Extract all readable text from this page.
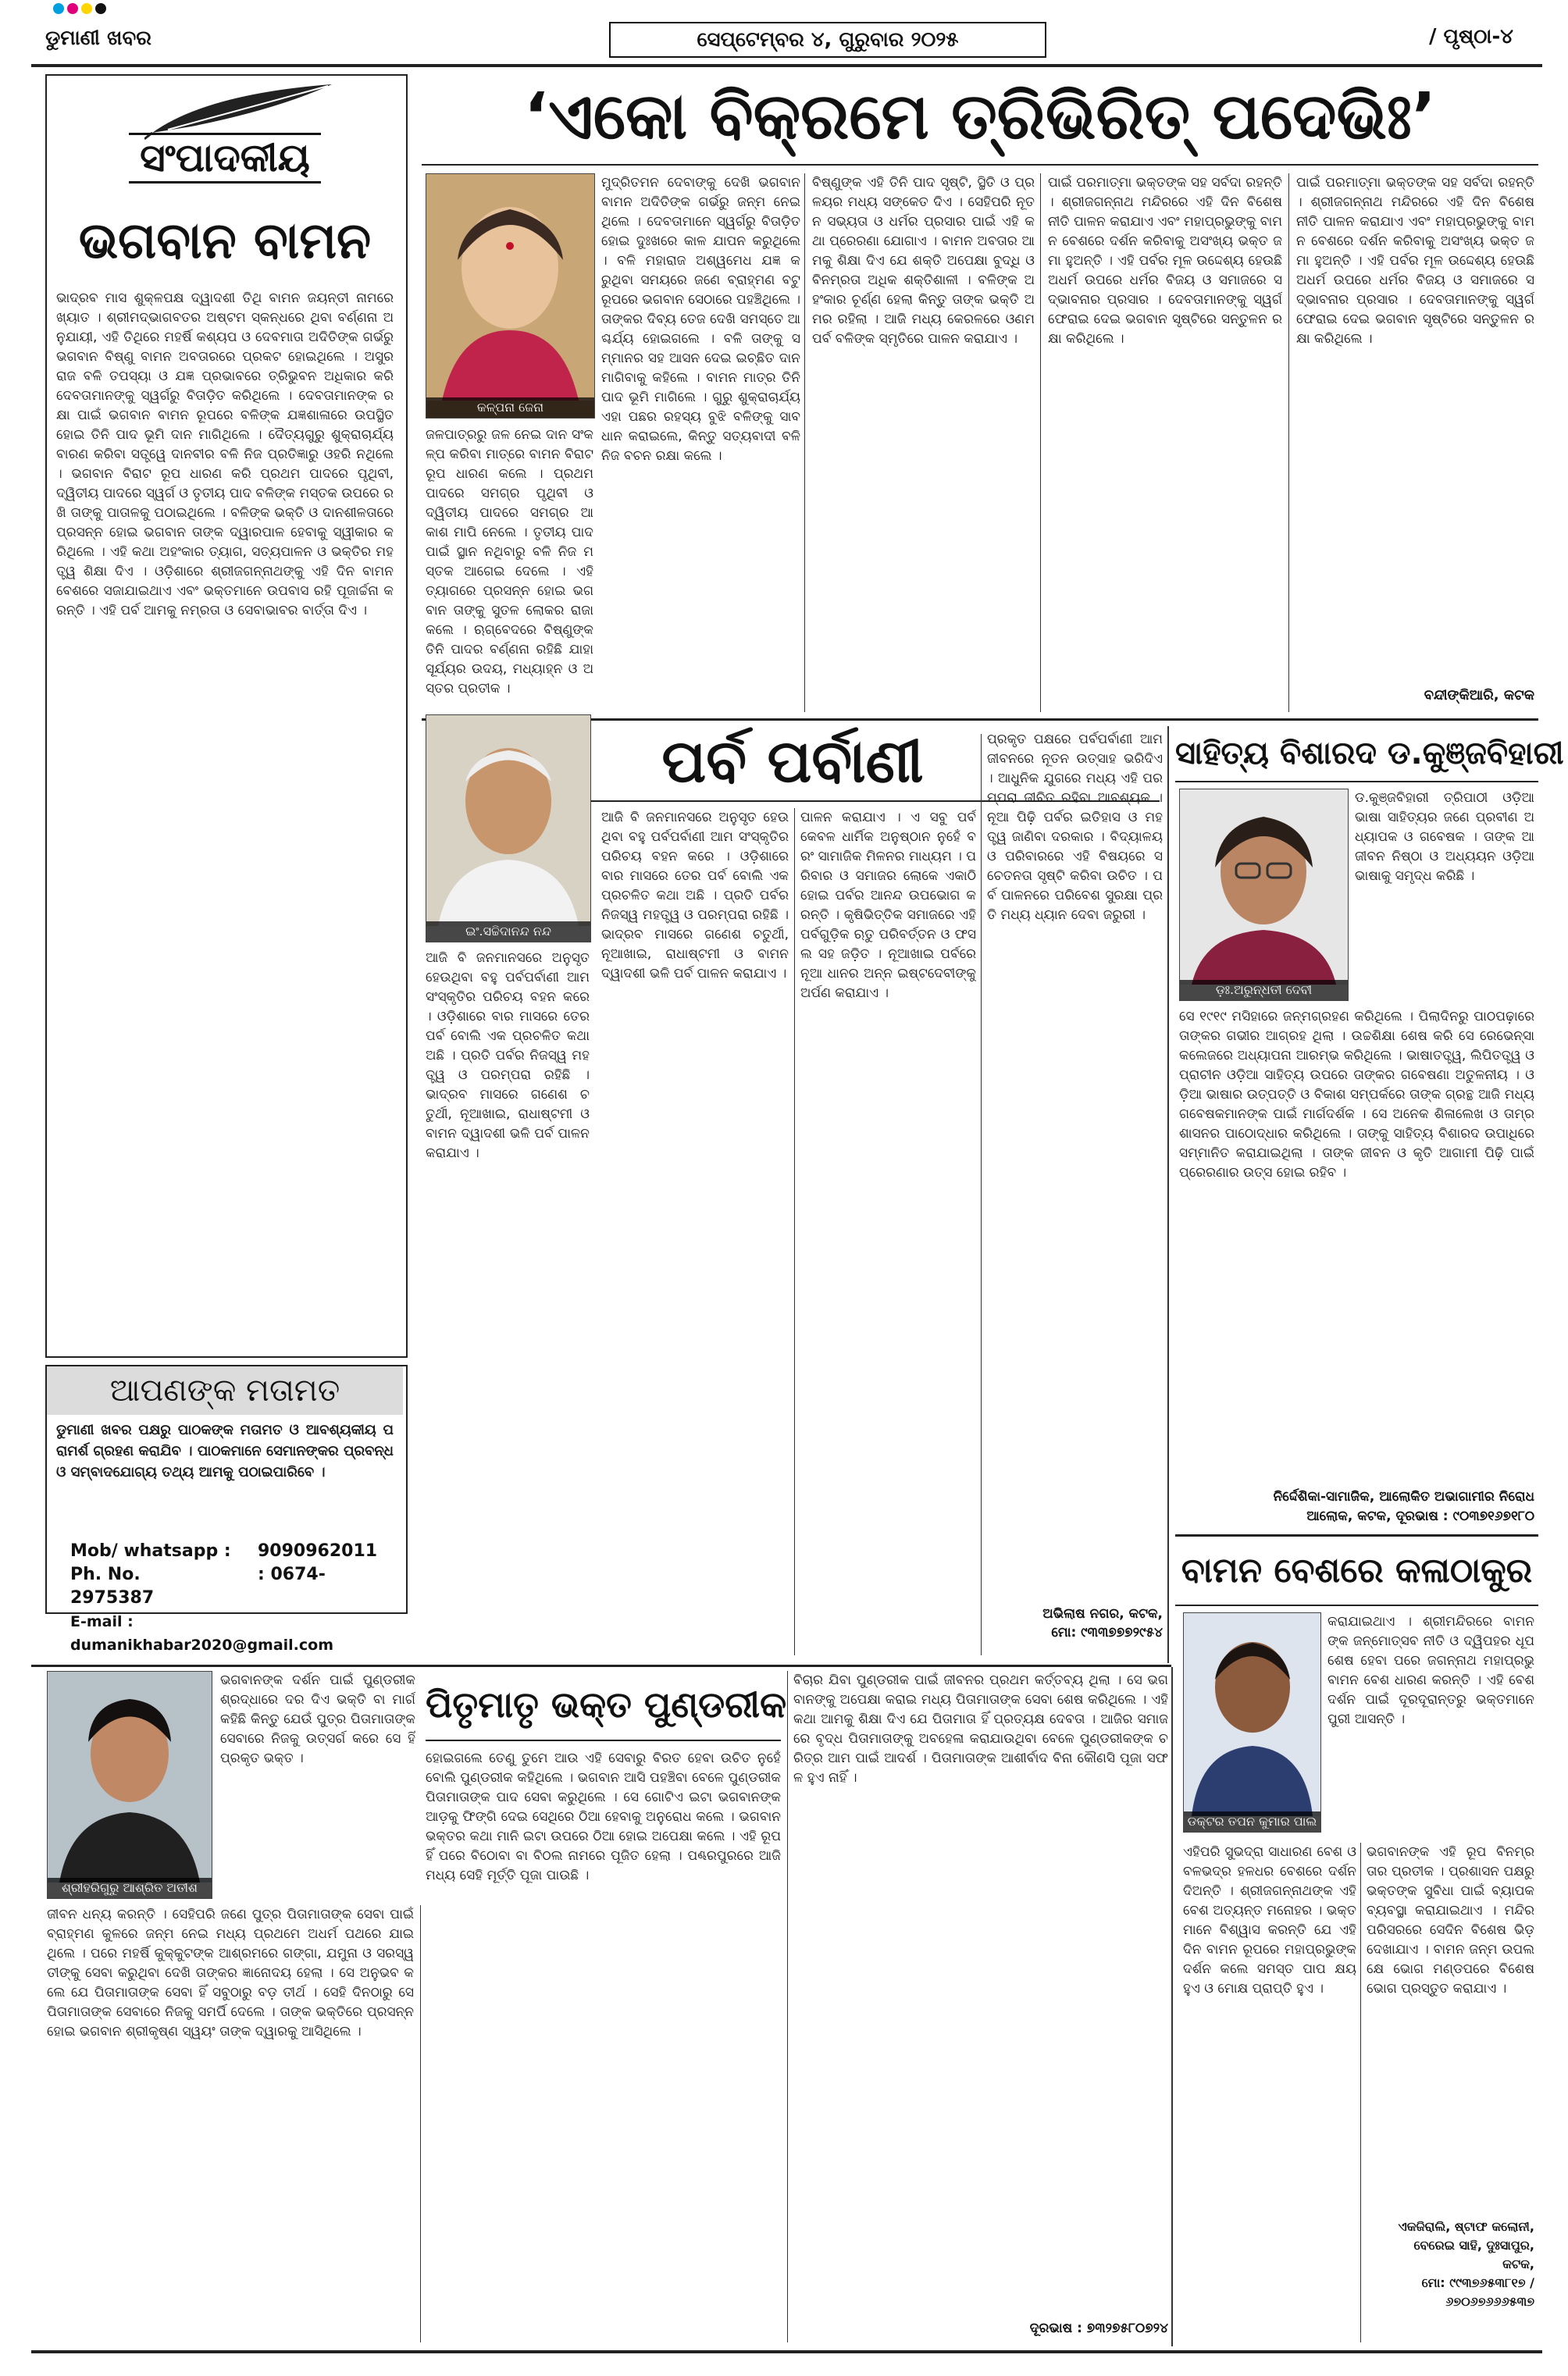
ଡୁମାଣୀ ଖବର	ସେପ୍ଟେମ୍ବର ୪, ଗୁରୁବାର ୨୦୨୫	/ ପୃଷ୍ଠା-୪
ସଂପାଦକୀୟ
ଭଗବାନ ବାମନ
ଭାଦ୍ରବ ମାସ ଶୁକ୍ଳପକ୍ଷ ଦ୍ୱାଦଶୀ ତିଥି ବାମନ ଜୟନ୍ତୀ ନାମରେ ଖ୍ୟାତ । ଶ୍ରୀମଦ୍ଭାଗବତର ଅଷ୍ଟମ ସ୍କନ୍ଧରେ ଥିବା ବର୍ଣ୍ଣନା ଅନୁଯାୟୀ, ଏହି ତିଥିରେ ମହର୍ଷି କଶ୍ୟପ ଓ ଦେବମାତା ଅଦିତିଙ୍କ ଗର୍ଭରୁ ଭଗବାନ ବିଷ୍ଣୁ ବାମନ ଅବତାରରେ ପ୍ରକଟ ହୋଇଥିଲେ । ଅସୁରରାଜ ବଳି ତପସ୍ୟା ଓ ଯଜ୍ଞ ପ୍ରଭାବରେ ତ୍ରିଭୁବନ ଅଧିକାର କରି ଦେବତାମାନଙ୍କୁ ସ୍ୱର୍ଗରୁ ବିତାଡ଼ିତ କରିଥିଲେ । ଦେବତାମାନଙ୍କ ରକ୍ଷା ପାଇଁ ଭଗବାନ ବାମନ ରୂପରେ ବଳିଙ୍କ ଯଜ୍ଞଶାଳାରେ ଉପସ୍ଥିତ ହୋଇ ତିନି ପାଦ ଭୂମି ଦାନ ମାଗିଥିଲେ । ଦୈତ୍ୟଗୁରୁ ଶୁକ୍ରାଚାର୍ଯ୍ୟ ବାରଣ କରିବା ସତ୍ତ୍ୱେ ଦାନବୀର ବଳି ନିଜ ପ୍ରତିଜ୍ଞାରୁ ଓହରି ନଥିଲେ । ଭଗବାନ ବିରାଟ ରୂପ ଧାରଣ କରି ପ୍ରଥମ ପାଦରେ ପୃଥିବୀ, ଦ୍ୱିତୀୟ ପାଦରେ ସ୍ୱର୍ଗ ଓ ତୃତୀୟ ପାଦ ବଳିଙ୍କ ମସ୍ତକ ଉପରେ ରଖି ତାଙ୍କୁ ପାତାଳକୁ ପଠାଇଥିଲେ । ବଳିଙ୍କ ଭକ୍ତି ଓ ଦାନଶୀଳତାରେ ପ୍ରସନ୍ନ ହୋଇ ଭଗବାନ ତାଙ୍କ ଦ୍ୱାରପାଳ ହେବାକୁ ସ୍ୱୀକାର କରିଥିଲେ । ଏହି କଥା ଅହଂକାର ତ୍ୟାଗ, ସତ୍ୟପାଳନ ଓ ଭକ୍ତିର ମହତ୍ତ୍ୱ ଶିକ୍ଷା ଦିଏ । ଓଡ଼ିଶାରେ ଶ୍ରୀଜଗନ୍ନାଥଙ୍କୁ ଏହି ଦିନ ବାମନ ବେଶରେ ସଜାଯାଇଥାଏ ଏବଂ ଭକ୍ତମାନେ ଉପବାସ ରହି ପୂଜାର୍ଚ୍ଚନା କରନ୍ତି । ଏହି ପର୍ବ ଆମକୁ ନମ୍ରତା ଓ ସେବାଭାବର ବାର୍ତ୍ତା ଦିଏ ।
ଆପଣଙ୍କ ମତାମତ
ଡୁମାଣୀ ଖବର ପକ୍ଷରୁ ପାଠକଙ୍କ ମତାମତ ଓ ଆବଶ୍ୟକୀୟ ପରାମର୍ଶ ଗ୍ରହଣ କରାଯିବ । ପାଠକମାନେ ସେମାନଙ୍କର ପ୍ରବନ୍ଧ ଓ ସମ୍ବାଦଯୋଗ୍ୟ ତଥ୍ୟ ଆମକୁ ପଠାଇପାରିବେ ।
Mob/ whatsapp : 9090962011
Ph. No.	: 0674-2975387
E-mail : dumanikhabar2020@gmail.com
‘ଏକୋ ବିକ୍ରମେ ତ୍ରିଭିରିତ୍ ପଦେଭିଃ’
କଳ୍ପନା ଜେନା
ମୁଦ୍ରିତମନ ଦେବାଙ୍କୁ ଦେଖି ଭଗବାନ ବାମନ ଅଦିତିଙ୍କ ଗର୍ଭରୁ ଜନ୍ମ ନେଇଥିଲେ । ଦେବତାମାନେ ସ୍ୱର୍ଗରୁ ବିତାଡ଼ିତ ହୋଇ ଦୁଃଖରେ କାଳ ଯାପନ କରୁଥିଲେ । ବଳି ମହାରାଜ ଅଶ୍ୱମେଧ ଯଜ୍ଞ କରୁଥିବା ସମୟରେ ଜଣେ ବ୍ରାହ୍ମଣ ବଟୁ ରୂପରେ ଭଗବାନ ସେଠାରେ ପହଞ୍ଚିଥିଲେ । ତାଙ୍କର ଦିବ୍ୟ ତେଜ ଦେଖି ସମସ୍ତେ ଆଶ୍ଚର୍ଯ୍ୟ ହୋଇଗଲେ । ବଳି ତାଙ୍କୁ ସମ୍ମାନର ସହ ଆସନ ଦେଇ ଇଚ୍ଛିତ ଦାନ ମାଗିବାକୁ କହିଲେ । ବାମନ ମାତ୍ର ତିନି ପାଦ ଭୂମି ମାଗିଲେ । ଗୁରୁ ଶୁକ୍ରାଚାର୍ଯ୍ୟ ଏହା ପଛର ରହସ୍ୟ ବୁଝି ବଳିଙ୍କୁ ସାବଧାନ କରାଇଲେ, କିନ୍ତୁ ସତ୍ୟବାଦୀ ବଳି ନିଜ ବଚନ ରକ୍ଷା କଲେ ।
ଜଳପାତ୍ରରୁ ଜଳ ନେଇ ଦାନ ସଂକଳ୍ପ କରିବା ମାତ୍ରେ ବାମନ ବିରାଟ ରୂପ ଧାରଣ କଲେ । ପ୍ରଥମ ପାଦରେ ସମଗ୍ର ପୃଥିବୀ ଓ ଦ୍ୱିତୀୟ ପାଦରେ ସମଗ୍ର ଆକାଶ ମାପି ନେଲେ । ତୃତୀୟ ପାଦ ପାଇଁ ସ୍ଥାନ ନଥିବାରୁ ବଳି ନିଜ ମସ୍ତକ ଆଗେଇ ଦେଲେ । ଏହି ତ୍ୟାଗରେ ପ୍ରସନ୍ନ ହୋଇ ଭଗବାନ ତାଙ୍କୁ ସୁତଳ ଲୋକର ରାଜା କଲେ । ଋଗ୍ବେଦରେ ବିଷ୍ଣୁଙ୍କ ତିନି ପାଦର ବର୍ଣ୍ଣନା ରହିଛି ଯାହା ସୂର୍ଯ୍ୟର ଉଦୟ, ମଧ୍ୟାହ୍ନ ଓ ଅସ୍ତର ପ୍ରତୀକ ।
ବିଷ୍ଣୁଙ୍କ ଏହି ତିନି ପାଦ ସୃଷ୍ଟି, ସ୍ଥିତି ଓ ପ୍ରଳୟର ମଧ୍ୟ ସଙ୍କେତ ଦିଏ । ସେହିପରି ନୂତନ ସଭ୍ୟତା ଓ ଧର୍ମର ପ୍ରସାର ପାଇଁ ଏହି କଥା ପ୍ରେରଣା ଯୋଗାଏ । ବାମନ ଅବତାର ଆମକୁ ଶିକ୍ଷା ଦିଏ ଯେ ଶକ୍ତି ଅପେକ୍ଷା ବୁଦ୍ଧି ଓ ବିନମ୍ରତା ଅଧିକ ଶକ୍ତିଶାଳୀ । ବଳିଙ୍କ ଅହଂକାର ଚୂର୍ଣ୍ଣ ହେଲା କିନ୍ତୁ ତାଙ୍କ ଭକ୍ତି ଅମର ରହିଲା । ଆଜି ମଧ୍ୟ କେରଳରେ ଓଣମ ପର୍ବ ବଳିଙ୍କ ସ୍ମୃତିରେ ପାଳନ କରାଯାଏ ।
ପାଇଁ ପରମାତ୍ମା ଭକ୍ତଙ୍କ ସହ ସର୍ବଦା ରହନ୍ତି । ଶ୍ରୀଜଗନ୍ନାଥ ମନ୍ଦିରରେ ଏହି ଦିନ ବିଶେଷ ନୀତି ପାଳନ କରାଯାଏ ଏବଂ ମହାପ୍ରଭୁଙ୍କୁ ବାମନ ବେଶରେ ଦର୍ଶନ କରିବାକୁ ଅସଂଖ୍ୟ ଭକ୍ତ ଜମା ହୁଅନ୍ତି । ଏହି ପର୍ବର ମୂଳ ଉଦ୍ଦେଶ୍ୟ ହେଉଛି ଅଧର୍ମ ଉପରେ ଧର୍ମର ବିଜୟ ଓ ସମାଜରେ ସଦ୍ଭାବନାର ପ୍ରସାର । ଦେବତାମାନଙ୍କୁ ସ୍ୱର୍ଗ ଫେରାଇ ଦେଇ ଭଗବାନ ସୃଷ୍ଟିରେ ସନ୍ତୁଳନ ରକ୍ଷା କରିଥିଲେ ।
ପାଇଁ ପରମାତ୍ମା ଭକ୍ତଙ୍କ ସହ ସର୍ବଦା ରହନ୍ତି । ଶ୍ରୀଜଗନ୍ନାଥ ମନ୍ଦିରରେ ଏହି ଦିନ ବିଶେଷ ନୀତି ପାଳନ କରାଯାଏ ଏବଂ ମହାପ୍ରଭୁଙ୍କୁ ବାମନ ବେଶରେ ଦର୍ଶନ କରିବାକୁ ଅସଂଖ୍ୟ ଭକ୍ତ ଜମା ହୁଅନ୍ତି । ଏହି ପର୍ବର ମୂଳ ଉଦ୍ଦେଶ୍ୟ ହେଉଛି ଅଧର୍ମ ଉପରେ ଧର୍ମର ବିଜୟ ଓ ସମାଜରେ ସଦ୍ଭାବନାର ପ୍ରସାର । ଦେବତାମାନଙ୍କୁ ସ୍ୱର୍ଗ ଫେରାଇ ଦେଇ ଭଗବାନ ସୃଷ୍ଟିରେ ସନ୍ତୁଳନ ରକ୍ଷା କରିଥିଲେ ।
ବନ୍ଦୀଙ୍କିଆରି, କଟକ
ପର୍ବ ପର୍ବାଣୀ
ଇଂ.ସଚ୍ଚିଦାନନ୍ଦ ନନ୍ଦ
ଆଜି ବି ଜନମାନସରେ ଅନୁସୃତ ହେଉଥିବା ବହୁ ପର୍ବପର୍ବାଣୀ ଆମ ସଂସ୍କୃତିର ପରିଚୟ ବହନ କରେ । ଓଡ଼ିଶାରେ ବାର ମାସରେ ତେର ପର୍ବ ବୋଲି ଏକ ପ୍ରଚଳିତ କଥା ଅଛି । ପ୍ରତି ପର୍ବର ନିଜସ୍ୱ ମହତ୍ତ୍ୱ ଓ ପରମ୍ପରା ରହିଛି । ଭାଦ୍ରବ ମାସରେ ଗଣେଶ ଚତୁର୍ଥୀ, ନୂଆଖାଇ, ରାଧାଷ୍ଟମୀ ଓ ବାମନ ଦ୍ୱାଦଶୀ ଭଳି ପର୍ବ ପାଳନ କରାଯାଏ ।
ଆଜି ବି ଜନମାନସରେ ଅନୁସୃତ ହେଉଥିବା ବହୁ ପର୍ବପର୍ବାଣୀ ଆମ ସଂସ୍କୃତିର ପରିଚୟ ବହନ କରେ । ଓଡ଼ିଶାରେ ବାର ମାସରେ ତେର ପର୍ବ ବୋଲି ଏକ ପ୍ରଚଳିତ କଥା ଅଛି । ପ୍ରତି ପର୍ବର ନିଜସ୍ୱ ମହତ୍ତ୍ୱ ଓ ପରମ୍ପରା ରହିଛି । ଭାଦ୍ରବ ମାସରେ ଗଣେଶ ଚତୁର୍ଥୀ, ନୂଆଖାଇ, ରାଧାଷ୍ଟମୀ ଓ ବାମନ ଦ୍ୱାଦଶୀ ଭଳି ପର୍ବ ପାଳନ କରାଯାଏ ।
ପାଳନ କରାଯାଏ । ଏ ସବୁ ପର୍ବ କେବଳ ଧାର୍ମିକ ଅନୁଷ୍ଠାନ ନୁହେଁ ବରଂ ସାମାଜିକ ମିଳନର ମାଧ୍ୟମ । ପରିବାର ଓ ସମାଜର ଲୋକେ ଏକାଠି ହୋଇ ପର୍ବର ଆନନ୍ଦ ଉପଭୋଗ କରନ୍ତି । କୃଷିଭିତ୍ତିକ ସମାଜରେ ଏହି ପର୍ବଗୁଡ଼ିକ ଋତୁ ପରିବର୍ତ୍ତନ ଓ ଫସଲ ସହ ଜଡ଼ିତ । ନୂଆଖାଇ ପର୍ବରେ ନୂଆ ଧାନର ଅନ୍ନ ଇଷ୍ଟଦେବୀଙ୍କୁ ଅର୍ପଣ କରାଯାଏ ।
ପ୍ରକୃତ ପକ୍ଷରେ ପର୍ବପର୍ବାଣୀ ଆମ ଜୀବନରେ ନୂତନ ଉତ୍ସାହ ଭରିଦିଏ । ଆଧୁନିକ ଯୁଗରେ ମଧ୍ୟ ଏହି ପରମ୍ପରା ଜୀବିତ ରହିବା ଆବଶ୍ୟକ । ନୂଆ ପିଢ଼ି ପର୍ବର ଇତିହାସ ଓ ମହତ୍ତ୍ୱ ଜାଣିବା ଦରକାର । ବିଦ୍ୟାଳୟ ଓ ପରିବାରରେ ଏହି ବିଷୟରେ ସଚେତନତା ସୃଷ୍ଟି କରିବା ଉଚିତ । ପର୍ବ ପାଳନରେ ପରିବେଶ ସୁରକ୍ଷା ପ୍ରତି ମଧ୍ୟ ଧ୍ୟାନ ଦେବା ଜରୁରୀ ।
ଅଭିଲାଷ ନଗର, କଟକ,
ମୋ: ୯୩୩୭୭୭୨୯୫୪
ସାହିତ୍ୟ ବିଶାରଦ ଡ.କୁଞ୍ଜବିହାରୀ
ଡ଼ଃ.ଅରୁନ୍ଧତୀ ଦେବୀ
ଡ.କୁଞ୍ଜବିହାରୀ ତ୍ରିପାଠୀ ଓଡ଼ିଆ ଭାଷା ସାହିତ୍ୟର ଜଣେ ପ୍ରବୀଣ ଅଧ୍ୟାପକ ଓ ଗବେଷକ । ତାଙ୍କ ଆଜୀବନ ନିଷ୍ଠା ଓ ଅଧ୍ୟୟନ ଓଡ଼ିଆ ଭାଷାକୁ ସମୃଦ୍ଧ କରିଛି ।
ସେ ୧୯୧୯ ମସିହାରେ ଜନ୍ମଗ୍ରହଣ କରିଥିଲେ । ପିଲାଦିନରୁ ପାଠପଢ଼ାରେ ତାଙ୍କର ଗଭୀର ଆଗ୍ରହ ଥିଲା । ଉଚ୍ଚଶିକ୍ଷା ଶେଷ କରି ସେ ରେଭେନ୍ସା କଲେଜରେ ଅଧ୍ୟାପନା ଆରମ୍ଭ କରିଥିଲେ । ଭାଷାତତ୍ତ୍ୱ, ଲିପିତତ୍ତ୍ୱ ଓ ପ୍ରାଚୀନ ଓଡ଼ିଆ ସାହିତ୍ୟ ଉପରେ ତାଙ୍କର ଗବେଷଣା ଅତୁଳନୀୟ । ଓଡ଼ିଆ ଭାଷାର ଉତ୍ପତ୍ତି ଓ ବିକାଶ ସମ୍ପର୍କରେ ତାଙ୍କ ଗ୍ରନ୍ଥ ଆଜି ମଧ୍ୟ ଗବେଷକମାନଙ୍କ ପାଇଁ ମାର୍ଗଦର୍ଶକ । ସେ ଅନେକ ଶିଳାଲେଖ ଓ ତାମ୍ରଶାସନର ପାଠୋଦ୍ଧାର କରିଥିଲେ । ତାଙ୍କୁ ସାହିତ୍ୟ ବିଶାରଦ ଉପାଧିରେ ସମ୍ମାନିତ କରାଯାଇଥିଲା । ତାଙ୍କ ଜୀବନ ଓ କୃତି ଆଗାମୀ ପିଢ଼ି ପାଇଁ ପ୍ରେରଣାର ଉତ୍ସ ହୋଇ ରହିବ ।
ନିର୍ଦ୍ଦେଶିକା-ସାମାଜିକ, ଆଲୋକିତ ଅଭାଗାମୀର ନିରୋଧ
ଆଲୋକ, କଟକ, ଦୂରଭାଷ : ୯୦୩୭୧୬୭୧୮୦
ବାମନ ବେଶରେ କଳାଠାକୁର
ଡକ୍ଟର ତପନ କୁମାର ପାଲ
କରାଯାଇଥାଏ । ଶ୍ରୀମନ୍ଦିରରେ ବାମନଙ୍କ ଜନ୍ମୋତ୍ସବ ନୀତି ଓ ଦ୍ୱିପହର ଧୂପ ଶେଷ ହେବା ପରେ ଜଗନ୍ନାଥ ମହାପ୍ରଭୁ ବାମନ ବେଶ ଧାରଣ କରନ୍ତି । ଏହି ବେଶ ଦର୍ଶନ ପାଇଁ ଦୂରଦୂରାନ୍ତରୁ ଭକ୍ତମାନେ ପୁରୀ ଆସନ୍ତି ।
ଏହିପରି ସୁଭଦ୍ରା ସାଧାରଣ ବେଶ ଓ ବଳଭଦ୍ର ହଳଧର ବେଶରେ ଦର୍ଶନ ଦିଅନ୍ତି । ଶ୍ରୀଜଗନ୍ନାଥଙ୍କ ଏହି ବେଶ ଅତ୍ୟନ୍ତ ମନୋହର । ଭକ୍ତମାନେ ବିଶ୍ୱାସ କରନ୍ତି ଯେ ଏହି ଦିନ ବାମନ ରୂପରେ ମହାପ୍ରଭୁଙ୍କ ଦର୍ଶନ କଲେ ସମସ୍ତ ପାପ କ୍ଷୟ ହୁଏ ଓ ମୋକ୍ଷ ପ୍ରାପ୍ତି ହୁଏ ।
ଭଗବାନଙ୍କ ଏହି ରୂପ ବିନମ୍ରତାର ପ୍ରତୀକ । ପ୍ରଶାସନ ପକ୍ଷରୁ ଭକ୍ତଙ୍କ ସୁବିଧା ପାଇଁ ବ୍ୟାପକ ବ୍ୟବସ୍ଥା କରାଯାଇଥାଏ । ମନ୍ଦିର ପରିସରରେ ସେଦିନ ବିଶେଷ ଭିଡ଼ ଦେଖାଯାଏ । ବାମନ ଜନ୍ମ ଉପଲକ୍ଷେ ଭୋଗ ମଣ୍ଡପରେ ବିଶେଷ ଭୋଗ ପ୍ରସ୍ତୁତ କରାଯାଏ ।
ଏକଜିରାଲି, ଷ୍ଟାଫ କଲୋନୀ,
ବେରେଇ ସାହି, ଦୁଃସାପୁର,
କଟକ,
ମୋ: ୯୯୩୭୬୫୩୮୧୭ /
୬୭୦୬୭୬୬୬୫୩୭
ଶ୍ରୀହରିଗୁରୁ ଆଶ୍ରିତ ଅତୀଶ
ଭଗବାନଙ୍କ ଦର୍ଶନ ପାଇଁ ପୁଣ୍ଡରୀକ ଶ୍ରଦ୍ଧାରେ ଦର ଦିଏ ଭକ୍ତି ବା ମାର୍ଗ କହିଛି କିନ୍ତୁ ଯେଉଁ ପୁତ୍ର ପିତାମାତାଙ୍କ ସେବାରେ ନିଜକୁ ଉତ୍ସର୍ଗ କରେ ସେ ହିଁ ପ୍ରକୃତ ଭକ୍ତ ।
ପିତୃମାତୃ ଭକ୍ତ ପୁଣ୍ଡରୀକ
ଜୀବନ ଧନ୍ୟ କରନ୍ତି । ସେହିପରି ଜଣେ ପୁତ୍ର ପିତାମାତାଙ୍କ ସେବା ପାଇଁ ବ୍ରାହ୍ମଣ କୁଳରେ ଜନ୍ମ ନେଇ ମଧ୍ୟ ପ୍ରଥମେ ଅଧର୍ମ ପଥରେ ଯାଇଥିଲେ । ପରେ ମହର୍ଷି କୁକ୍କୁଟଙ୍କ ଆଶ୍ରମରେ ଗଙ୍ଗା, ଯମୁନା ଓ ସରସ୍ୱତୀଙ୍କୁ ସେବା କରୁଥିବା ଦେଖି ତାଙ୍କର ଜ୍ଞାନୋଦୟ ହେଲା । ସେ ଅନୁଭବ କଲେ ଯେ ପିତାମାତାଙ୍କ ସେବା ହିଁ ସବୁଠାରୁ ବଡ଼ ତୀର୍ଥ । ସେହି ଦିନଠାରୁ ସେ ପିତାମାତାଙ୍କ ସେବାରେ ନିଜକୁ ସମର୍ପି ଦେଲେ । ତାଙ୍କ ଭକ୍ତିରେ ପ୍ରସନ୍ନ ହୋଇ ଭଗବାନ ଶ୍ରୀକୃଷ୍ଣ ସ୍ୱୟଂ ତାଙ୍କ ଦ୍ୱାରକୁ ଆସିଥିଲେ ।
ହୋଇଗଲେ ତେଣୁ ତୁମେ ଆଉ ଏହି ସେବାରୁ ବିରତ ହେବା ଉଚିତ ନୁହେଁ ବୋଲି ପୁଣ୍ଡରୀକ କହିଥିଲେ । ଭଗବାନ ଆସି ପହଞ୍ଚିବା ବେଳେ ପୁଣ୍ଡରୀକ ପିତାମାତାଙ୍କ ପାଦ ସେବା କରୁଥିଲେ । ସେ ଗୋଟିଏ ଇଟା ଭଗବାନଙ୍କ ଆଡ଼କୁ ଫିଙ୍ଗି ଦେଇ ସେଥିରେ ଠିଆ ହେବାକୁ ଅନୁରୋଧ କଲେ । ଭଗବାନ ଭକ୍ତର କଥା ମାନି ଇଟା ଉପରେ ଠିଆ ହୋଇ ଅପେକ୍ଷା କଲେ । ଏହି ରୂପ ହିଁ ପରେ ବିଠୋବା ବା ବିଠଲ ନାମରେ ପୂଜିତ ହେଲା । ପଣ୍ଢରପୁରରେ ଆଜି ମଧ୍ୟ ସେହି ମୂର୍ତ୍ତି ପୂଜା ପାଉଛି ।
ବିଚାର ଯିବା ପୁଣ୍ଡରୀକ ପାଇଁ ଜୀବନର ପ୍ରଥମ କର୍ତ୍ତବ୍ୟ ଥିଲା । ସେ ଭଗବାନଙ୍କୁ ଅପେକ୍ଷା କରାଇ ମଧ୍ୟ ପିତାମାତାଙ୍କ ସେବା ଶେଷ କରିଥିଲେ । ଏହି କଥା ଆମକୁ ଶିକ୍ଷା ଦିଏ ଯେ ପିତାମାତା ହିଁ ପ୍ରତ୍ୟକ୍ଷ ଦେବତା । ଆଜିର ସମାଜରେ ବୃଦ୍ଧ ପିତାମାତାଙ୍କୁ ଅବହେଳା କରାଯାଉଥିବା ବେଳେ ପୁଣ୍ଡରୀକଙ୍କ ଚରିତ୍ର ଆମ ପାଇଁ ଆଦର୍ଶ । ପିତାମାତାଙ୍କ ଆଶୀର୍ବାଦ ବିନା କୌଣସି ପୂଜା ସଫଳ ହୁଏ ନାହିଁ ।
ଦୂରଭାଷ : ୭୩୨୭୫୮୦୭୨୪
